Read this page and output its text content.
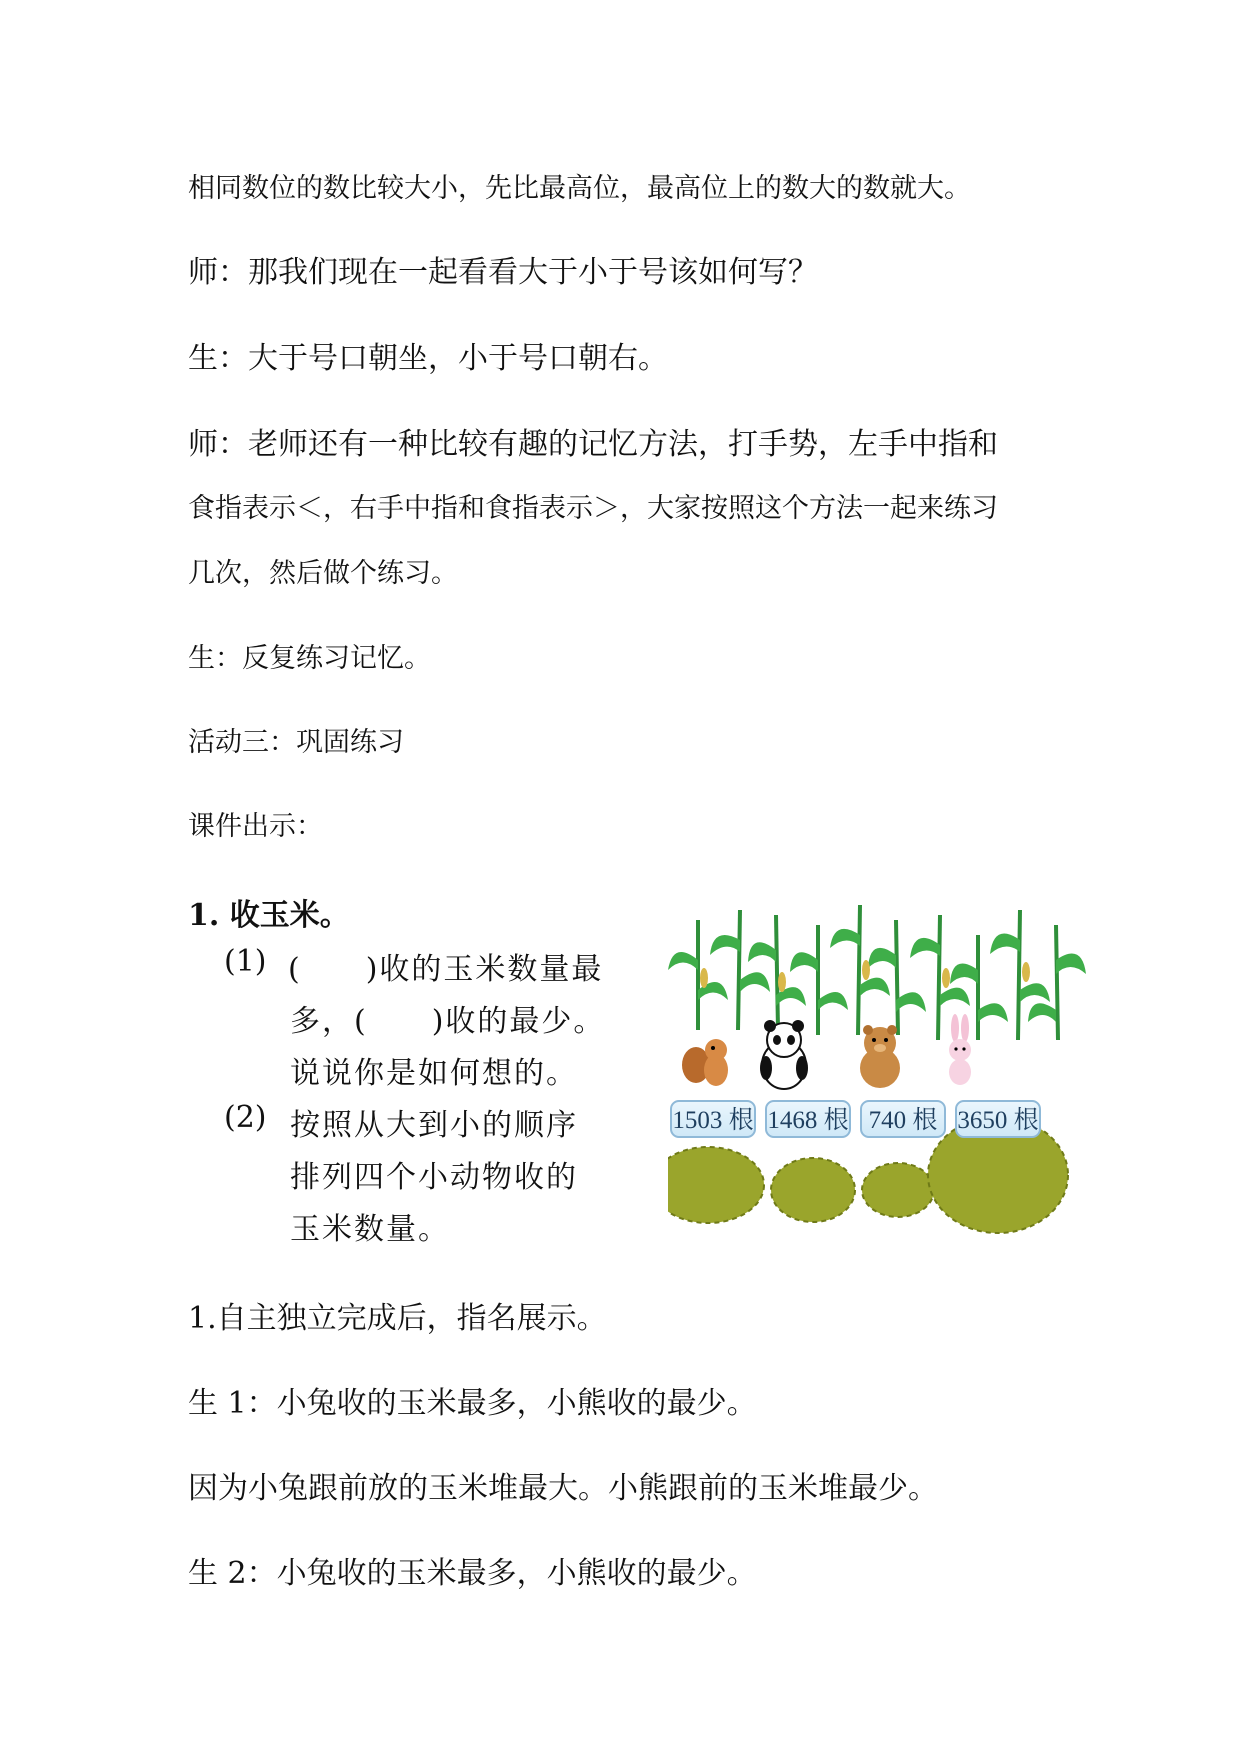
相同数位的数比较大小，先比最高位，最高位上的数大的数就大。

师：那我们现在一起看看大于小于号该如何写？

生：大于号口朝坐，小于号口朝右。

师：老师还有一种比较有趣的记忆方法，打手势，左手中指和

食指表示＜，右手中指和食指表示＞，大家按照这个方法一起来练习

几次，然后做个练习。

生：反复练习记忆。

活动三：巩固练习

课件出示：

1. 收玉米。

(1) (　　)收的玉米数量最

多，(　　)收的最少。

说说你是如何想的。

(2) 按照从大到小的顺序

排列四个小动物收的

玉米数量。

1503 根 1468 根 740 根 3650 根

1.自主独立完成后，指名展示。

生 1：小兔收的玉米最多，小熊收的最少。

因为小兔跟前放的玉米堆最大。小熊跟前的玉米堆最少。

生 2：小兔收的玉米最多，小熊收的最少。
